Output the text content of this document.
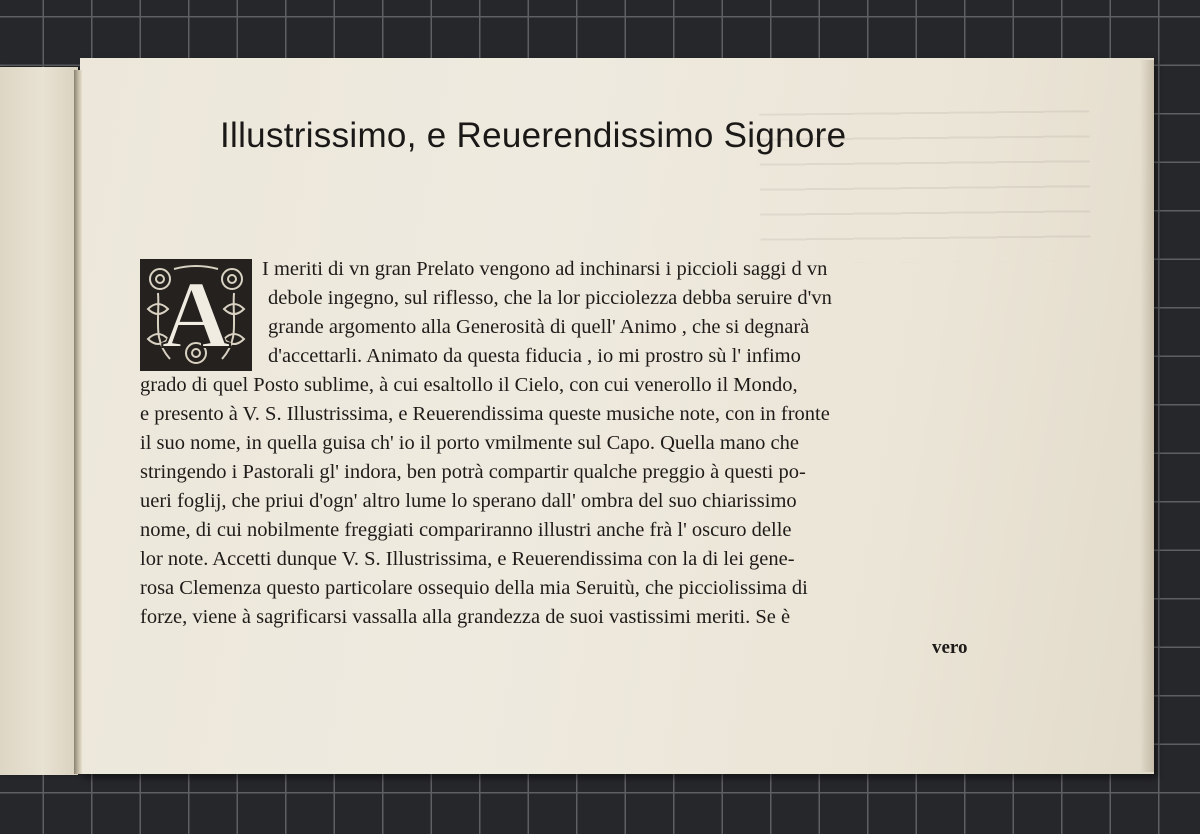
Illustrissimo, e Reuerendissimo Signore
A	I meriti di vn gran Prelato vengono ad inchinarsi i piccioli saggi d vn
debole ingegno, sul riflesso, che la lor picciolezza debba seruire d'vn
grande argomento alla Generosità di quell' Animo , che si degnarà
d'accettarli. Animato da questa fiducia , io mi prostro sù l' infimo
grado di quel Posto sublime, à cui esaltollo il Cielo, con cui venerollo il Mondo,
e presento à V. S. Illustrissima, e Reuerendissima queste musiche note, con in fronte
il suo nome, in quella guisa ch' io il porto vmilmente sul Capo. Quella mano che
stringendo i Pastorali gl' indora, ben potrà compartir qualche preggio à questi po-
ueri foglij, che priui d'ogn' altro lume lo sperano dall' ombra del suo chiarissimo
nome, di cui nobilmente freggiati compariranno illustri anche frà l' oscuro delle
lor note. Accetti dunque V. S. Illustrissima, e Reuerendissima con la di lei gene-
rosa Clemenza questo particolare ossequio della mia Seruitù, che picciolissima di
forze, viene à sagrificarsi vassalla alla grandezza de suoi vastissimi meriti. Se è
vero
